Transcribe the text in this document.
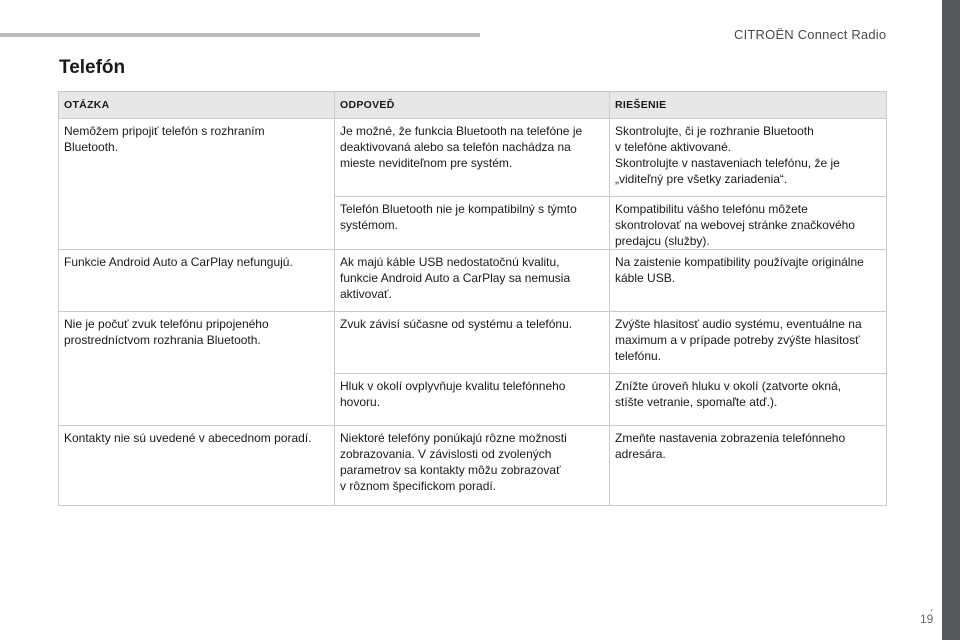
CITROËN Connect Radio
Telefón
OTÁZKA	ODPOVEĎ	RIEŠENIE

Nemôžem pripojiť telefón s rozhraním
Bluetooth.	Je možné, že funkcia Bluetooth na telefóne je
deaktivovaná alebo sa telefón nachádza na
mieste neviditeľnom pre systém.	Skontrolujte, či je rozhranie Bluetooth
v telefóne aktivované.
Skontrolujte v nastaveniach telefónu, že je
„viditeľný pre všetky zariadenia“.

	Telefón Bluetooth nie je kompatibilný s týmto
systémom.	Kompatibilitu vášho telefónu môžete
skontrolovať na webovej stránke značkového
predajcu (služby).

Funkcie Android Auto a CarPlay nefungujú.	Ak majú káble USB nedostatočnú kvalitu,
funkcie Android Auto a CarPlay sa nemusia
aktivovať.	Na zaistenie kompatibility používajte originálne
káble USB.

Nie je počuť zvuk telefónu pripojeného
prostredníctvom rozhrania Bluetooth.	Zvuk závisí súčasne od systému a telefónu.	Zvýšte hlasitosť audio systému, eventuálne na
maximum a v prípade potreby zvýšte hlasitosť
telefónu.

	Hluk v okolí ovplyvňuje kvalitu telefónneho
hovoru.	Znížte úroveň hluku v okolí (zatvorte okná,
stíšte vetranie, spomaľte atď.).

Kontakty nie sú uvedené v abecednom poradí.	Niektoré telefóny ponúkajú rôzne možnosti
zobrazovania. V závislosti od zvolených
parametrov sa kontakty môžu zobrazovať
v rôznom špecifickom poradí.	Zmeňte nastavenia zobrazenia telefónneho
adresára.
.
19
